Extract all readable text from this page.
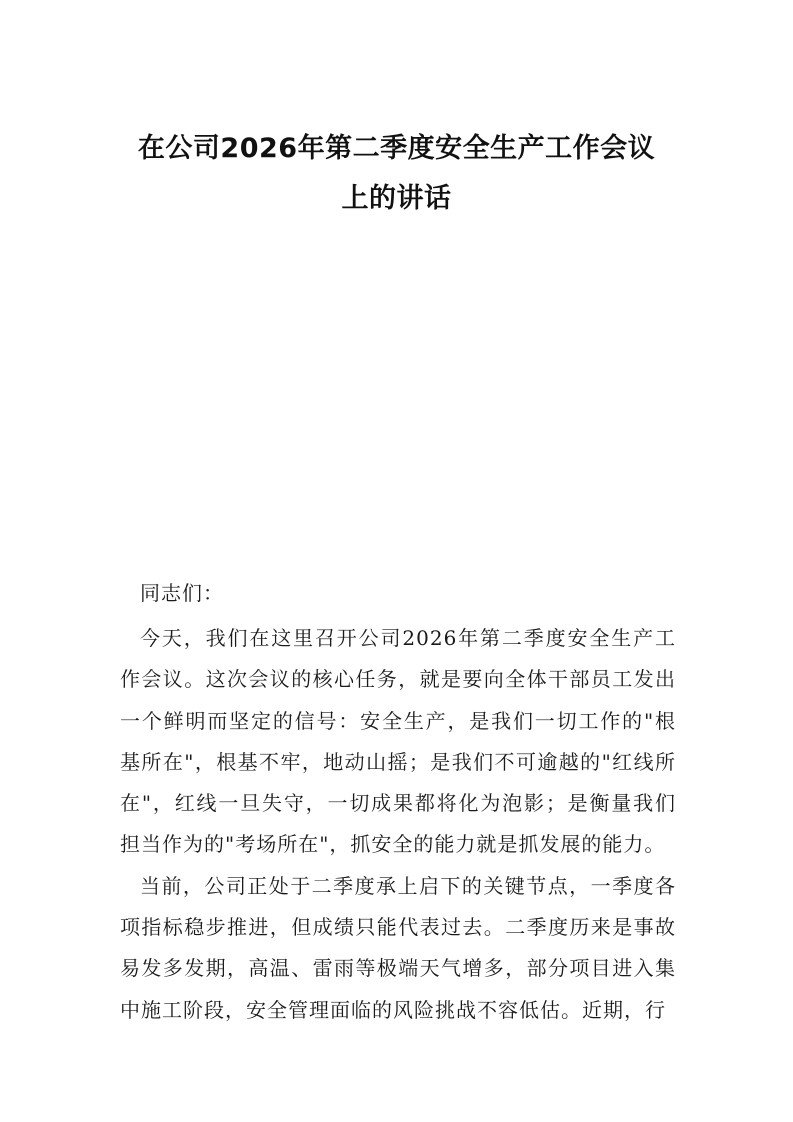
在公司2026年第二季度安全生产工作会议
上的讲话

同志们：

今天，我们在这里召开公司2026年第二季度安全生产工作会议。这次会议的核心任务，就是要向全体干部员工发出一个鲜明而坚定的信号：安全生产，是我们一切工作的"根基所在"，根基不牢，地动山摇；是我们不可逾越的"红线所在"，红线一旦失守，一切成果都将化为泡影；是衡量我们担当作为的"考场所在"，抓安全的能力就是抓发展的能力。

当前，公司正处于二季度承上启下的关键节点，一季度各项指标稳步推进，但成绩只能代表过去。二季度历来是事故易发多发期，高温、雷雨等极端天气增多，部分项目进入集中施工阶段，安全管理面临的风险挑战不容低估。近期，行
